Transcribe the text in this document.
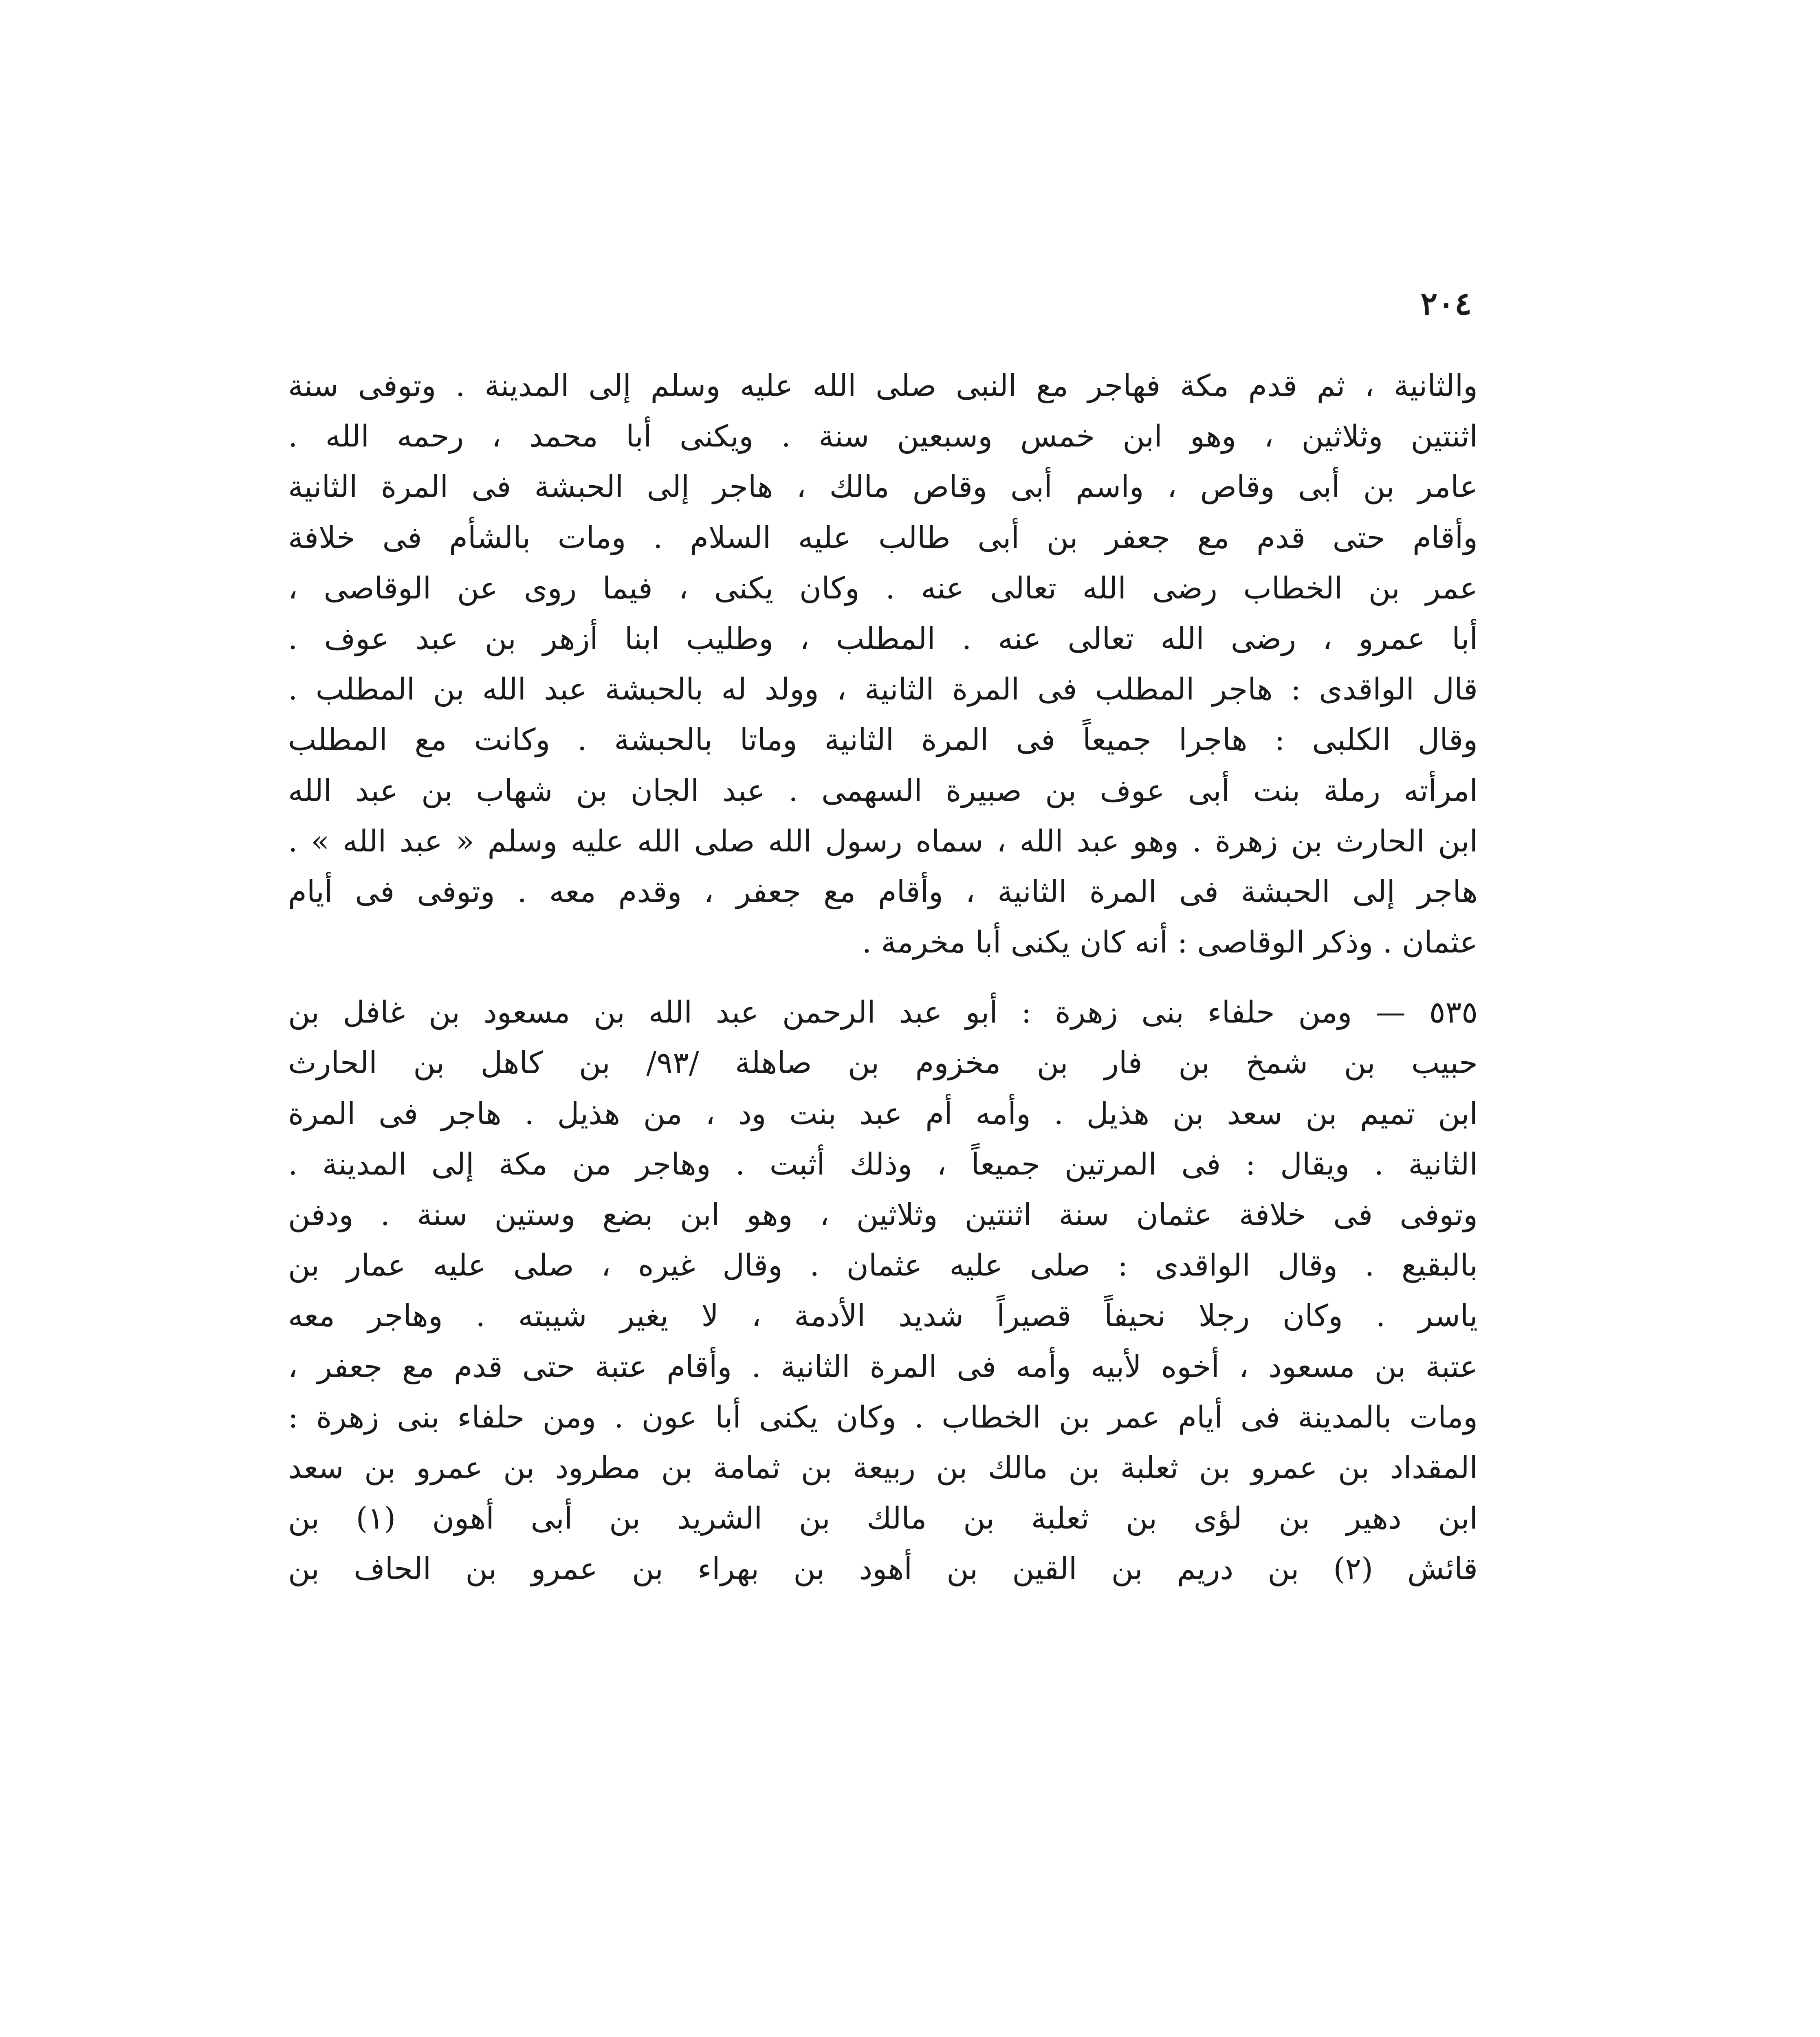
٢٠٤
والثانية ، ثم قدم مكة فهاجر مع النبى صلى الله عليه وسلم إلى المدينة . وتوفى سنة
اثنتين وثلاثين ، وهو ابن خمس وسبعين سنة . ويكنى أبا محمد ، رحمه الله .
عامر بن أبى وقاص ، واسم أبى وقاص مالك ، هاجر إلى الحبشة فى المرة الثانية
وأقام حتى قدم مع جعفر بن أبى طالب عليه السلام . ومات بالشأم فى خلافة
عمر بن الخطاب رضى الله تعالى عنه . وكان يكنى ، فيما روى عن الوقاصى ،
أبا عمرو ، رضى الله تعالى عنه . المطلب ، وطليب ابنا أزهر بن عبد عوف .
قال الواقدى : هاجر المطلب فى المرة الثانية ، وولد له بالحبشة عبد الله بن المطلب .
وقال الكلبى : هاجرا جميعاً فى المرة الثانية وماتا بالحبشة . وكانت مع المطلب
امرأته رملة بنت أبى عوف بن صبيرة السهمى . عبد الجان بن شهاب بن عبد الله
ابن الحارث بن زهرة . وهو عبد الله ، سماه رسول الله صلى الله عليه وسلم « عبد الله » .
هاجر إلى الحبشة فى المرة الثانية ، وأقام مع جعفر ، وقدم معه . وتوفى فى أيام
عثمان . وذكر الوقاصى : أنه كان يكنى أبا مخرمة .
٥٣٥ — ومن حلفاء بنى زهرة : أبو عبد الرحمن عبد الله بن مسعود بن غافل بن
حبيب بن شمخ بن فار بن مخزوم بن صاهلة /٩٣/ بن كاهل بن الحارث
ابن تميم بن سعد بن هذيل . وأمه أم عبد بنت ود ، من هذيل . هاجر فى المرة
الثانية . ويقال : فى المرتين جميعاً ، وذلك أثبت . وهاجر من مكة إلى المدينة .
وتوفى فى خلافة عثمان سنة اثنتين وثلاثين ، وهو ابن بضع وستين سنة . ودفن
بالبقيع . وقال الواقدى : صلى عليه عثمان . وقال غيره ، صلى عليه عمار بن
ياسر . وكان رجلا نحيفاً قصيراً شديد الأدمة ، لا يغير شيبته . وهاجر معه
عتبة بن مسعود ، أخوه لأبيه وأمه فى المرة الثانية . وأقام عتبة حتى قدم مع جعفر ،
ومات بالمدينة فى أيام عمر بن الخطاب . وكان يكنى أبا عون . ومن حلفاء بنى زهرة :
المقداد بن عمرو بن ثعلبة بن مالك بن ربيعة بن ثمامة بن مطرود بن عمرو بن سعد
ابن دهير بن لؤى بن ثعلبة بن مالك بن الشريد بن أبى أهون (١) بن
قائش (٢) بن دريم بن القين بن أهود بن بهراء بن عمرو بن الحاف بن
